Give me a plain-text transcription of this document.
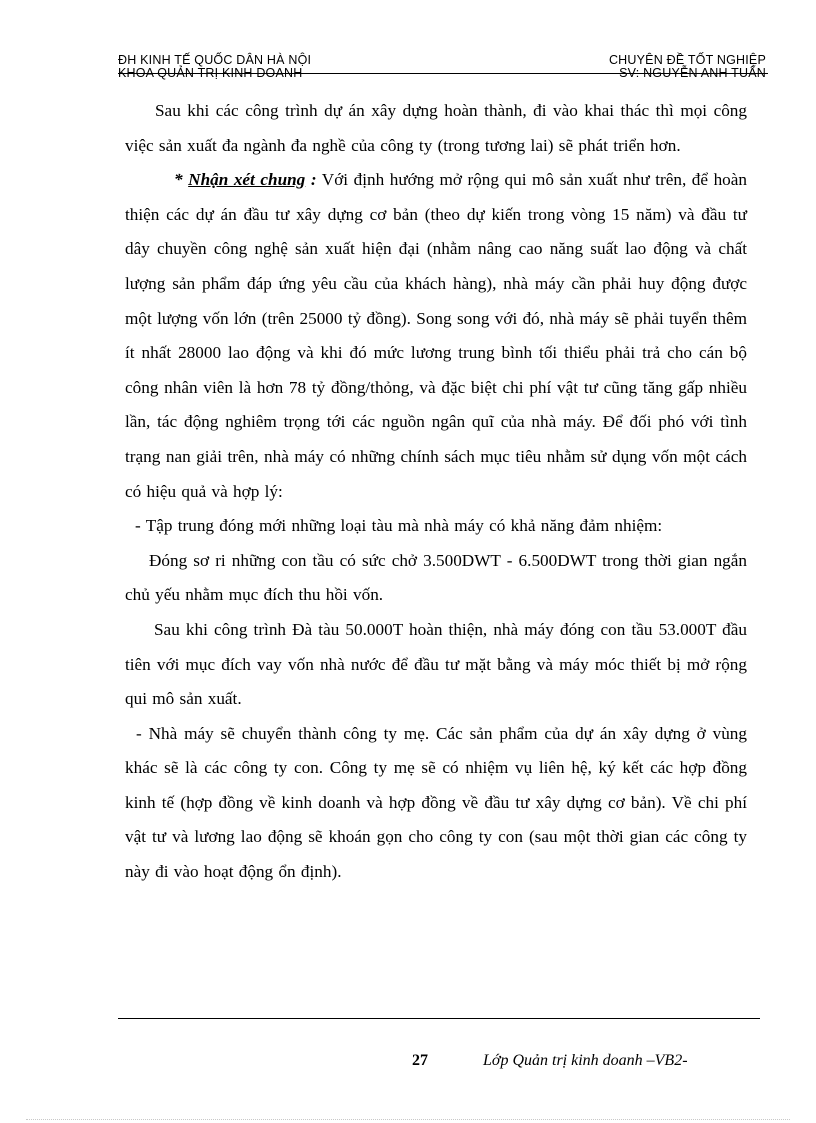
ĐH KINH TẾ QUỐC DÂN HÀ NỘI	CHUYÊN ĐỀ TỐT NGHIỆP
KHOA QUẢN TRỊ KINH DOANH	SV: NGUYỄN ANH TUẤN

Sau khi các công trình dự án xây dựng hoàn thành, đi vào khai thác thì mọi công việc sản xuất đa ngành đa nghề của công ty (trong tương lai) sẽ phát triển hơn.

* Nhận xét chung : Với định hướng mở rộng qui mô sản xuất như trên, để hoàn thiện các dự án đầu tư xây dựng cơ bản (theo dự kiến trong vòng 15 năm) và đầu tư dây chuyền công nghệ sản xuất hiện đại (nhằm nâng cao năng suất lao động và chất lượng sản phẩm đáp ứng yêu cầu của khách hàng), nhà máy cần phải huy động được một lượng vốn lớn (trên 25000 tỷ đồng). Song song với đó, nhà máy sẽ phải tuyển thêm ít nhất 28000 lao động và khi đó mức lương trung bình tối thiểu phải trả cho cán bộ công nhân viên là hơn 78 tỷ đồng/thỏng, và đặc biệt chi phí vật tư cũng tăng gấp nhiều lần, tác động nghiêm trọng tới các nguồn ngân quĩ của nhà máy. Để đối phó với tình trạng nan giải trên, nhà máy có những chính sách mục tiêu nhằm sử dụng vốn một cách có hiệu quả và hợp lý:

- Tập trung đóng mới những loại tàu mà nhà máy có khả năng đảm nhiệm:

Đóng sơ ri những con tầu có sức chở 3.500DWT - 6.500DWT trong thời gian ngắn chủ yếu nhằm mục đích thu hồi vốn.

Sau khi công trình Đà tàu 50.000T hoàn thiện, nhà máy đóng con tầu 53.000T đầu tiên với mục đích vay vốn nhà nước để đầu tư mặt bằng và máy móc thiết bị mở rộng qui mô sản xuất.

- Nhà máy sẽ chuyển thành công ty mẹ. Các sản phẩm của dự án xây dựng ở vùng khác sẽ là các công ty con. Công ty mẹ sẽ có nhiệm vụ liên hệ, ký kết các hợp đồng kinh tế (hợp đồng về kinh doanh và hợp đồng về đầu tư xây dựng cơ bản). Về chi phí vật tư và lương lao động sẽ khoán gọn cho công ty con (sau một thời gian các công ty này đi vào hoạt động ổn định).

27	Lớp Quản trị kinh doanh –VB2-
